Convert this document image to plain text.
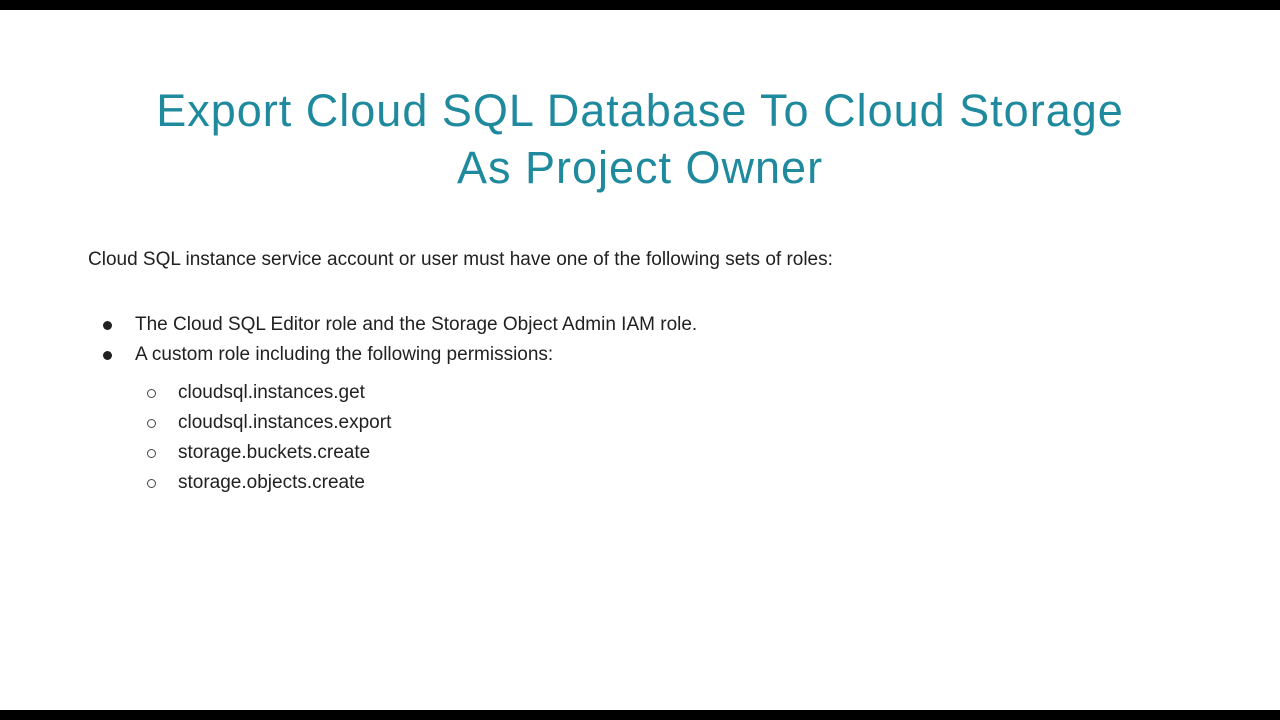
Export Cloud SQL Database To Cloud Storage
As Project Owner

Cloud SQL instance service account or user must have one of the following sets of roles:

The Cloud SQL Editor role and the Storage Object Admin IAM role.
A custom role including the following permissions:
cloudsql.instances.get
cloudsql.instances.export
storage.buckets.create
storage.objects.create
